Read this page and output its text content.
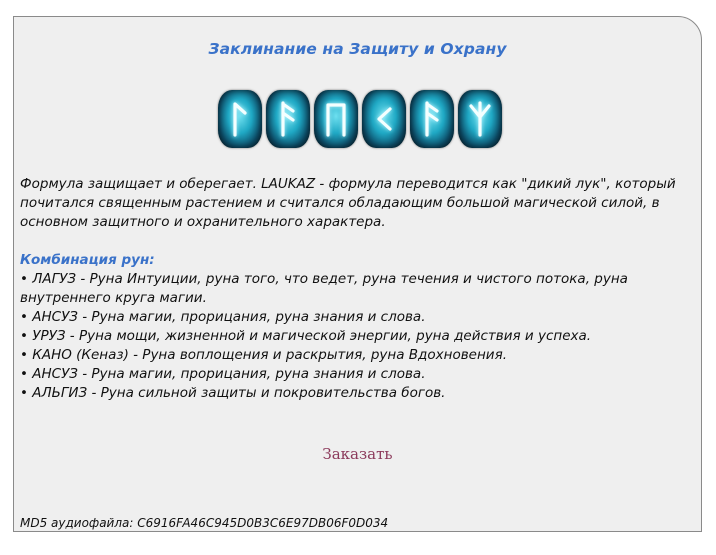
Заклинание на Защиту и Охрану
Формула защищает и оберегает. LAUKAZ - формула переводится как "дикий лук", который почитался священным растением и считался обладающим большой магической силой, в основном защитного и охранительного характера.
Комбинация рун:
• ЛАГУЗ - Руна Интуиции, руна того, что ведет, руна течения и чистого потока, руна внутреннего круга магии.
• АНСУЗ - Руна магии, прорицания, руна знания и слова.
• УРУЗ - Руна мощи, жизненной и магической энергии, руна действия и успеха.
• КАНО (Кеназ) - Руна воплощения и раскрытия, руна Вдохновения.
• АНСУЗ - Руна магии, прорицания, руна знания и слова.
• АЛЬГИЗ - Руна сильной защиты и покровительства богов.
Заказать
MD5 аудиофайла: C6916FA46C945D0B3C6E97DB06F0D034
